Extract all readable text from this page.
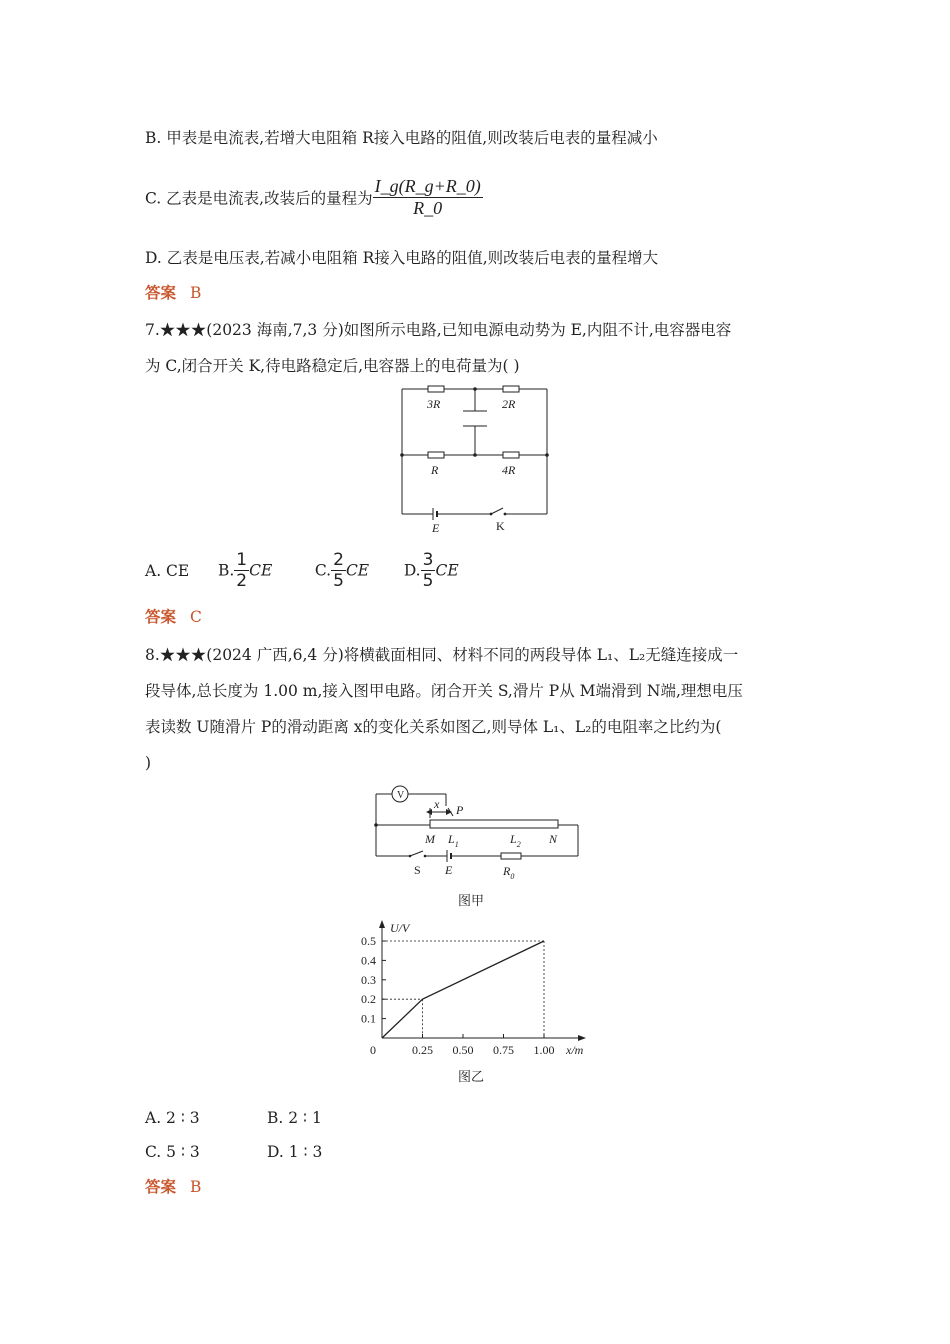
B. 甲表是电流表,若增大电阻箱 R接入电路的阻值,则改装后电表的量程减小
C. 乙表是电流表,改装后的量程为 $\frac{I\_g(R\_g+R\_0)}{R\_0}$
D. 乙表是电压表,若减小电阻箱 R接入电路的阻值,则改装后电表的量程增大
答案 B
7.★★★(2023 海南,7,3 分)如图所示电路,已知电源电动势为 E,内阻不计,电容器电容
为 C,闭合开关 K,待电路稳定后,电容器上的电荷量为( )
3R	2R
R	4R
E	K
A. CE B. $\frac{1}{2}$ CE	C. $\frac{2}{5}$ CE D. $\frac{3}{5}$ CE
答案 C
8.★★★(2024 广西,6,4 分)将横截面相同、材料不同的两段导体 L₁、L₂无缝连接成一
段导体,总长度为 1.00 m,接入图甲电路。闭合开关 S,滑片 P从 M端滑到 N端,理想电压
表读数 U随滑片 P的滑动距离 x的变化关系如图乙,则导体 L₁、L₂的电阻率之比约为(
)
V
x P
M $L_1$	$L_2$ N
S E	$R_0$
图甲
0.1
0.2
0.3
0.4
0.5
0.25 0.50 0.75 1.00
0
U/V
x/m
图乙
A. 2 ∶ 3	B. 2 ∶ 1
C. 5 ∶ 3	D. 1 ∶ 3
答案 B
